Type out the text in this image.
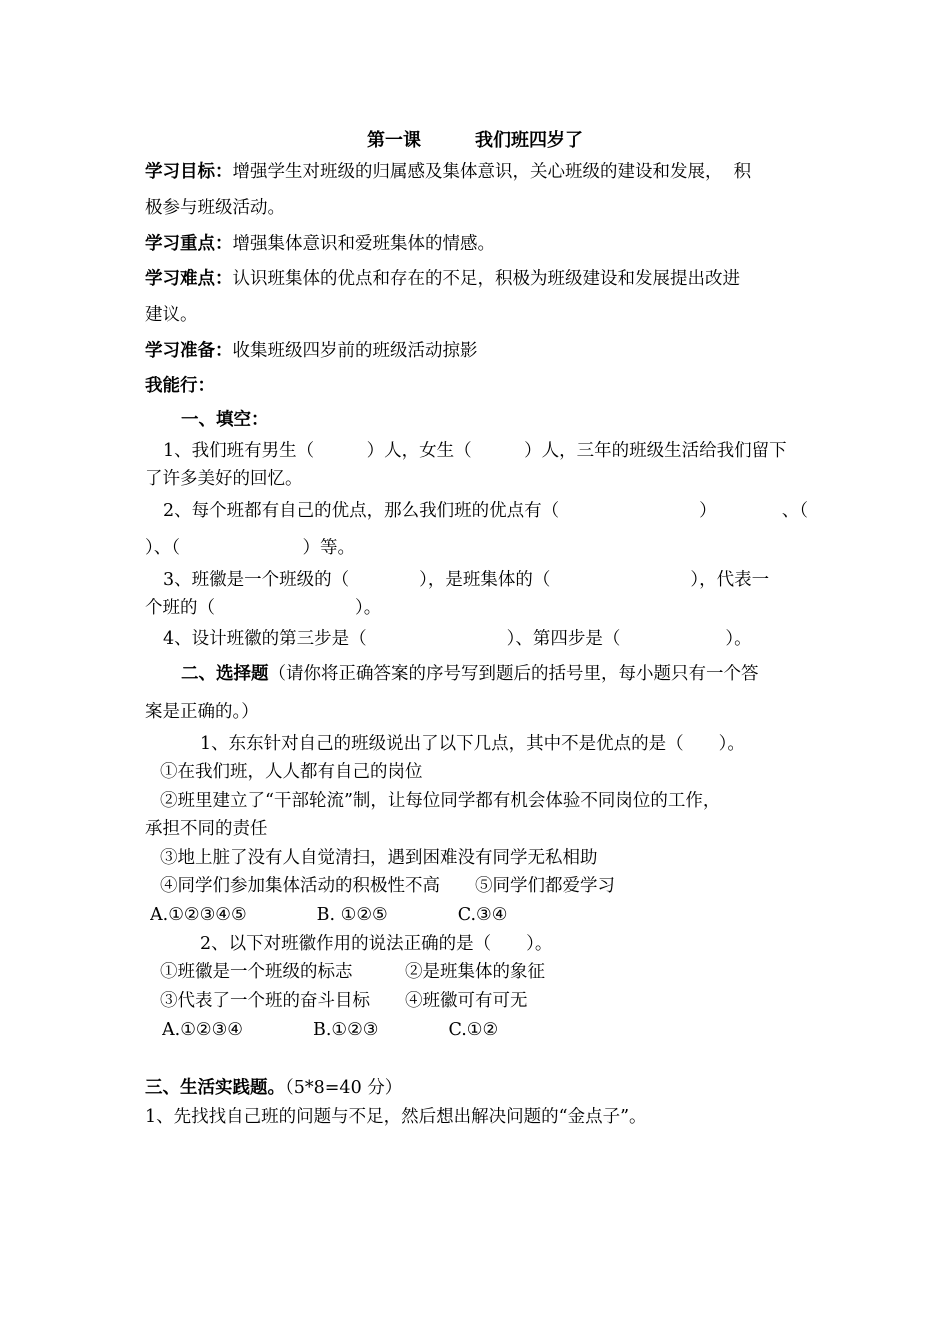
第一课　　　我们班四岁了
学习目标：增强学生对班级的归属感及集体意识，关心班级的建设和发展， 积
极参与班级活动。
学习重点：增强集体意识和爱班集体的情感。
学习难点：认识班集体的优点和存在的不足，积极为班级建设和发展提出改进
建议。
学习准备：收集班级四岁前的班级活动掠影
我能行：
一、填空：
1、我们班有男生（　　　）人，女生（　　　）人，三年的班级生活给我们留下
了许多美好的回忆。
2、每个班都有自己的优点，那么我们班的优点有（　　　　　　　　）	、（
）、（　　　　　　　）等。
3、班徽是一个班级的（　　　　），是班集体的（　　　　　　　　），代表一
个班的（　　　　　　　　）。
4、设计班徽的第三步是（　　　　　　　　）、第四步是（　　　　　　）。
二、选择题（请你将正确答案的序号写到题后的括号里，每小题只有一个答
案是正确的。）
1、东东针对自己的班级说出了以下几点，其中不是优点的是（　　）。
①在我们班，人人都有自己的岗位
②班里建立了“干部轮流”制，让每位同学都有机会体验不同岗位的工作，
承担不同的责任
③地上脏了没有人自觉清扫，遇到困难没有同学无私相助
④同学们参加集体活动的积极性不高　　⑤同学们都爱学习
A.①②③④⑤　　　　B. ①②⑤　　　　C.③④
2、以下对班徽作用的说法正确的是（　　）。
①班徽是一个班级的标志　　　②是班集体的象征
③代表了一个班的奋斗目标　　④班徽可有可无
A.①②③④　　　　B.①②③　　　　C.①②
三、生活实践题。（5*8=40 分）
1、先找找自己班的问题与不足，然后想出解决问题的“金点子”。
